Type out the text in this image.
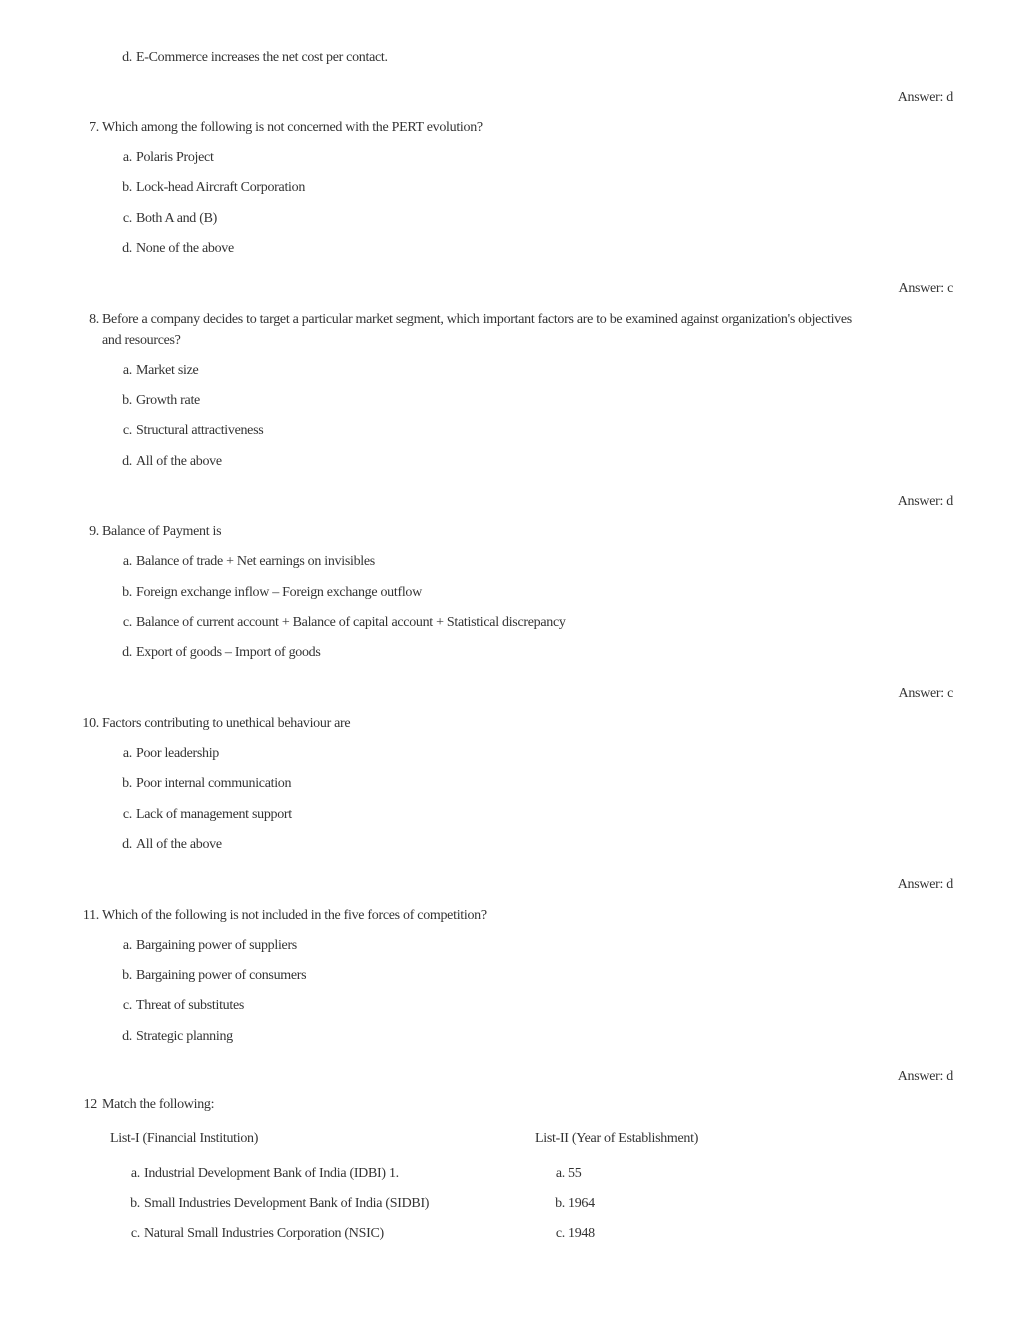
d. E-Commerce increases the net cost per contact.
Answer: d
7. Which among the following is not concerned with the PERT evolution?
a. Polaris Project
b. Lock-head Aircraft Corporation
c. Both A and (B)
d. None of the above
Answer: c
8. Before a company decides to target a particular market segment, which important factors are to be examined against organization's objectives
and resources?
a. Market size
b. Growth rate
c. Structural attractiveness
d. All of the above
Answer: d
9. Balance of Payment is
a. Balance of trade + Net earnings on invisibles
b. Foreign exchange inflow – Foreign exchange outflow
c. Balance of current account + Balance of capital account + Statistical discrepancy
d. Export of goods – Import of goods
Answer: c
10. Factors contributing to unethical behaviour are
a. Poor leadership
b. Poor internal communication
c. Lack of management support
d. All of the above
Answer: d
11. Which of the following is not included in the five forces of competition?
a. Bargaining power of suppliers
b. Bargaining power of consumers
c. Threat of substitutes
d. Strategic planning
Answer: d
12 Match the following:
List-I (Financial Institution)	List-II (Year of Establishment)
a. Industrial Development Bank of India (IDBI) 1.	a. 55
b. Small Industries Development Bank of India (SIDBI)	b. 1964
c. Natural Small Industries Corporation (NSIC)	c. 1948
